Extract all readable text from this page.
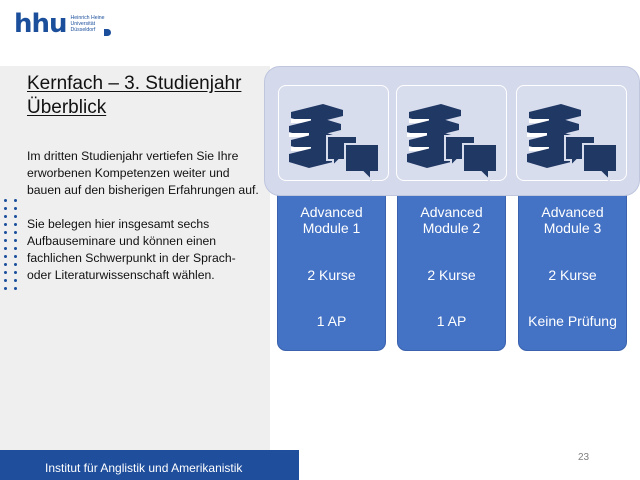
hhu Heinrich Heine
Universität
Düsseldorf
Kernfach – 3. Studienjahr
Überblick

Im dritten Studienjahr vertiefen Sie Ihre erworbenen Kompetenzen weiter und bauen auf den bisherigen Erfahrungen auf.

Sie belegen hier insgesamt sechs Aufbauseminare und können einen fachlichen Schwerpunkt in der Sprach- oder Literaturwissenschaft wählen.

Advanced
Module 1
2 Kurse
1 AP
Advanced
Module 2
2 Kurse
1 AP
Advanced
Module 3
2 Kurse
Keine Prüfung
Institut für Anglistik und Amerikanistik
23
